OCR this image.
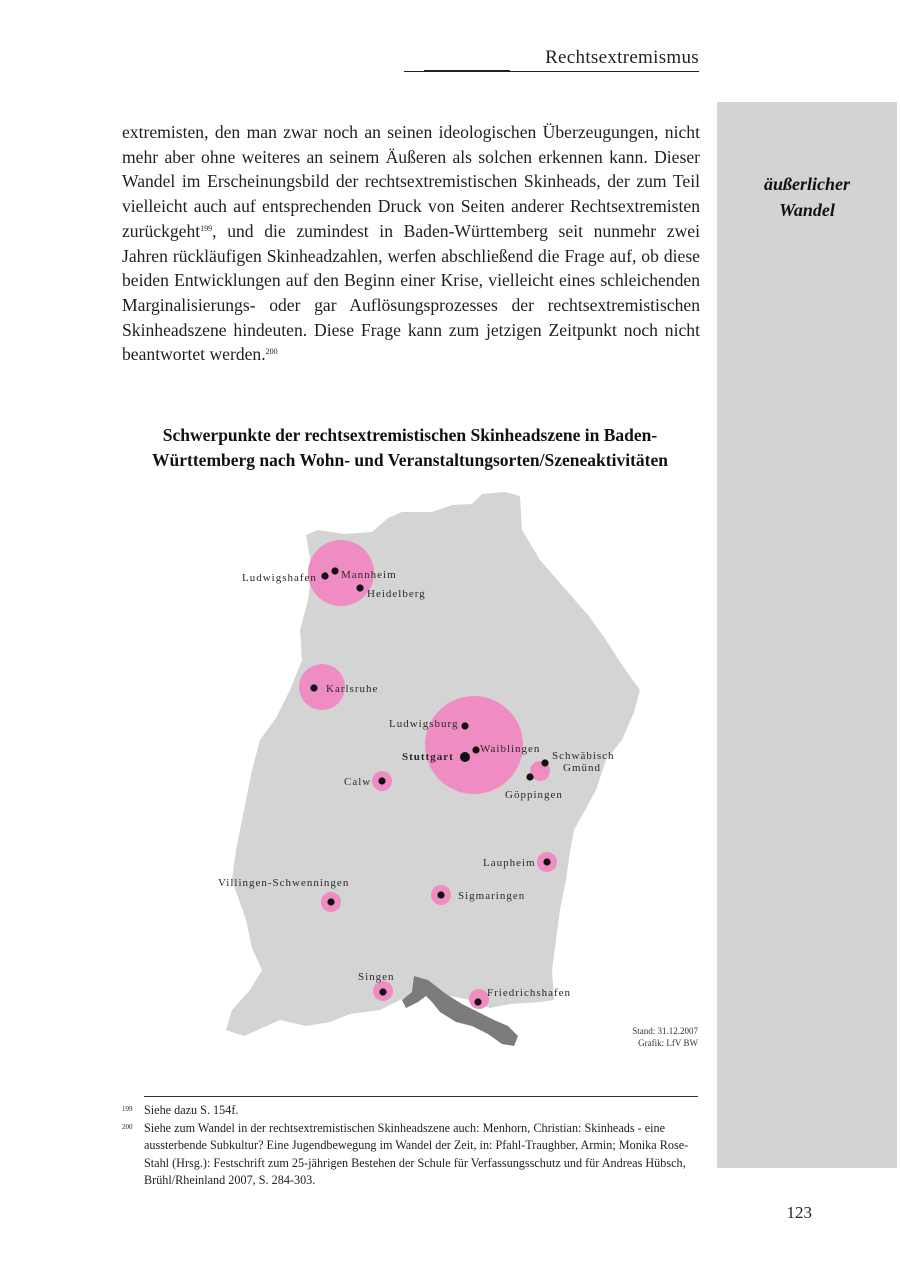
Rechtsextremismus
äußerlicher
Wandel

extremisten, den man zwar noch an seinen ideologischen Überzeugungen, nicht mehr aber ohne weiteres an seinem Äußeren als solchen erkennen kann. Dieser Wandel im Erscheinungsbild der rechtsextremistischen Skinheads, der zum Teil vielleicht auch auf entsprechenden Druck von Seiten anderer Rechtsextremisten zurückgeht$^{199}$, und die zumindest in Baden-Württemberg seit nunmehr zwei Jahren rückläufigen Skinheadzahlen, werfen abschließend die Frage auf, ob diese beiden Entwicklungen auf den Beginn einer Krise, vielleicht eines schleichenden Marginalisierungs- oder gar Auflösungsprozesses der rechtsextremistischen Skinheadszene hindeuten. Diese Frage kann zum jetzigen Zeitpunkt noch nicht beantwortet werden.$^{200}$

Schwerpunkte der rechtsextremistischen Skinheadszene in Baden-
Württemberg nach Wohn- und Veranstaltungsorten/Szeneaktivitäten
Ludwigshafen Mannheim
Heidelberg
Karlsruhe
Ludwigsburg
Stuttgart
Waiblingen
Schwäbisch
Gmünd
Göppingen
Calw
Laupheim
Villingen-Schwenningen
Sigmaringen
Singen
Friedrichshafen
Stand: 31.12.2007
Grafik: LfV BW
199 Siehe dazu S. 154f.
200 Siehe zum Wandel in der rechtsextremistischen Skinheadszene auch: Menhorn, Christian: Skinheads - eine aussterbende Subkultur? Eine Jugendbewegung im Wandel der Zeit, in: Pfahl-Traughber, Armin; Monika Rose-Stahl (Hrsg.): Festschrift zum 25-jährigen Bestehen der Schule für Verfassungsschutz und für Andreas Hübsch, Brühl/Rheinland 2007, S. 284-303.
123
